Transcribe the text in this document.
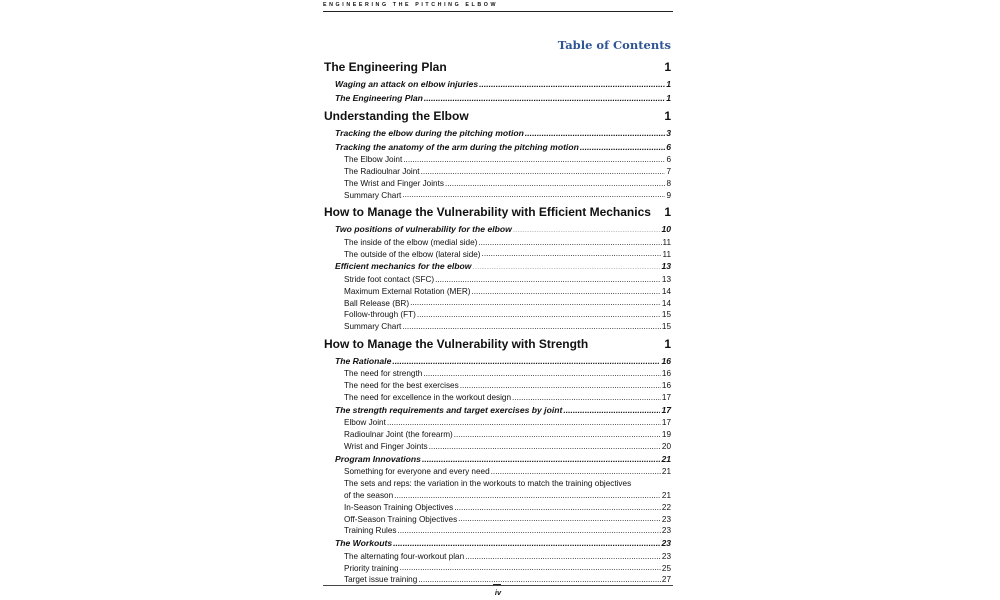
ENGINEERING THE PITCHING ELBOW
Table of Contents
The Engineering Plan .....	1
Waging an attack on elbow injuries .....	1
The Engineering Plan .....	1
Understanding the Elbow .....	1
Tracking the elbow during the pitching motion .....	3
Tracking the anatomy of the arm during the pitching motion .....	6
The Elbow Joint .....	6
The Radioulnar Joint .....	7
The Wrist and Finger Joints .....	8
Summary Chart .....	9
How to Manage the Vulnerability with Efficient Mechanics ..... 1
Two positions of vulnerability for the elbow .....	10
The inside of the elbow (medial side) .....	11
The outside of the elbow (lateral side) .....	11
Efficient mechanics for the elbow .....	13
Stride foot contact (SFC) .....	13
Maximum External Rotation (MER) .....	14
Ball Release (BR) .....	14
Follow-through (FT) .....	15
Summary Chart .....	15
How to Manage the Vulnerability with Strength .....	1
The Rationale .....	16
The need for strength .....	16
The need for the best exercises .....	16
The need for excellence in the workout design .....	17
The strength requirements and target exercises by joint .....	17
Elbow Joint .....	17
Radioulnar Joint (the forearm) .....	19
Wrist and Finger Joints .....	20
Program Innovations .....	21
Something for everyone and every need .....	21
The sets and reps: the variation in the workouts to match the training objectives
of the season .....	21
In-Season Training Objectives .....	22
Off-Season Training Objectives .....	23
Training Rules .....	23
The Workouts .....	23
The alternating four-workout plan .....	23
Priority training .....	25
Target issue training .....	27
iv
